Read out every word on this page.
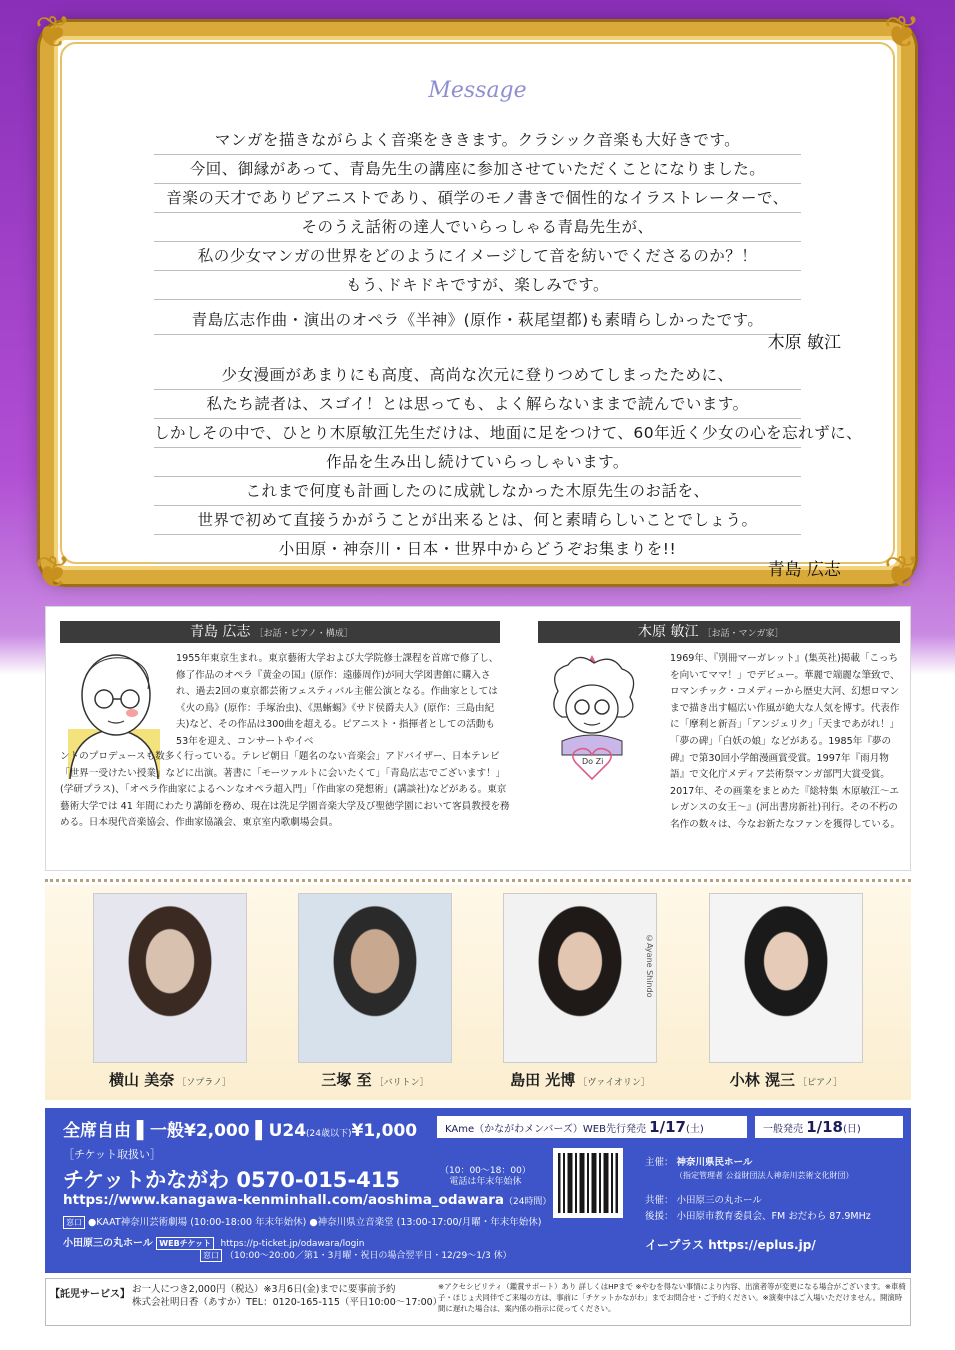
❦	❦
❦	❦
Message
マンガを描きながらよく音楽をききます。クラシック音楽も大好きです。
今回、御縁があって、青島先生の講座に参加させていただくことになりました。
音楽の天才でありピアニストであり、碩学のモノ書きで個性的なイラストレーターで、
そのうえ話術の達人でいらっしゃる青島先生が、
私の少女マンガの世界をどのようにイメージして音を紡いでくださるのか？！
もう､ドキドキですが、楽しみです。
青島広志作曲・演出のオペラ《半神》(原作・萩尾望都)も素晴らしかったです。
少女漫画があまりにも高度、高尚な次元に登りつめてしまったために、
私たち読者は、スゴイ！とは思っても、よく解らないままで読んでいます。
しかしその中で、ひとり木原敏江先生だけは、地面に足をつけて、60年近く少女の心を忘れずに、
作品を生み出し続けていらっしゃいます。
これまで何度も計画したのに成就しなかった木原先生のお話を、
世界で初めて直接うかがうことが出来るとは、何と素晴らしいことでしょう。
小田原・神奈川・日本・世界中からどうぞお集まりを!!
木原 敏江
青島 広志
青島 広志 ［お話・ピアノ・構成］
1955年東京生まれ。東京藝術大学および大学院修士課程を首席で修了し、修了作品のオペラ『黄金の国』(原作：遠藤周作)が同大学図書館に購入され、過去2回の東京都芸術フェスティバル主催公演となる。作曲家としては《火の鳥》(原作：手塚治虫)、《黒蜥蜴》《サド侯爵夫人》(原作：三島由紀夫)など、その作品は300曲を超える。ピアニスト・指揮者としての活動も53年を迎え、コンサートやイベ
ントのプロデュースも数多く行っている。テレビ朝日「題名のない音楽会」アドバイザー、日本テレビ「世界一受けたい授業」などに出演。著書に「モーツァルトに会いたくて」「青島広志でございます！」(学研プラス)、「オペラ作曲家によるヘンなオペラ超入門」「作曲家の発想術」(講談社)などがある。東京藝術大学では 41 年間にわたり講師を務め、現在は洗足学園音楽大学及び聖徳学園において客員教授を務める。日本現代音楽協会、作曲家協議会、東京室内歌劇場会員。
木原 敏江 ［お話・マンガ家］
Do Zi
1969年、『別冊マーガレット』(集英社)掲載「こっちを向いてママ！」でデビュー。華麗で端麗な筆致で、ロマンチック・コメディーから歴史大河、幻想ロマンまで描き出す幅広い作風が絶大な人気を博す。代表作に「摩利と新吾」「アンジェリク」「天まであがれ！」「夢の碑」「白妖の娘」などがある。1985年『夢の碑』で第30回小学館漫画賞受賞。1997年『雨月物語』で文化庁メディア芸術祭マンガ部門大賞受賞。2017年、その画業をまとめた『総特集 木原敏江〜エレガンスの女王〜』(河出書房新社)刊行。その不朽の名作の数々は、今なお新たなファンを獲得している。
横山 美奈 ［ソプラノ］	三塚 至 ［バリトン］
©Ayane Shindo
島田 光博 ［ヴァイオリン］	小林 滉三 ［ピアノ］
全席自由 ▌一般¥2,000 ▌U24(24歳以下)¥1,000	KAme（かながわメンバーズ）WEB先行発売 1/17(土)	一般発売 1/18(日)
［チケット取扱い］
チケットかながわ 0570-015-415	（10：00〜18：00）
電話は年末年始休
https://www.kanagawa-kenminhall.com/aoshima_odawara（24時間）
窓口 ●KAAT神奈川芸術劇場 (10:00-18:00 年末年始休) ●神奈川県立音楽堂 (13:00-17:00/月曜・年末年始休)
小田原三の丸ホール WEBチケット https://p-ticket.jp/odawara/login
窓口 （10:00〜20:00／第1・3月曜・祝日の場合翌平日・12/29〜1/3 休）
主催： 神奈川県民ホール
（指定管理者 公益財団法人神奈川芸術文化財団）
共催： 小田原三の丸ホール
後援： 小田原市教育委員会、FM おだわら 87.9MHz
イープラス https://eplus.jp/
【託児サービス】 お一人につき2,000円（税込）※3月6日(金)までに要事前予約
株式会社明日香（あすか）TEL：0120-165-115（平日10:00〜17:00）
※アクセシビリティ（鑑賞サポート）あり 詳しくはHPまで ※やむを得ない事情により内容、出演者等が変更になる場合がございます。※車椅子・ほじょ犬同伴でご来場の方は、事前に「チケットかながわ」までお問合せ・ご予約ください。※演奏中はご入場いただけません。開演時間に遅れた場合は、案内係の指示に従ってください。
